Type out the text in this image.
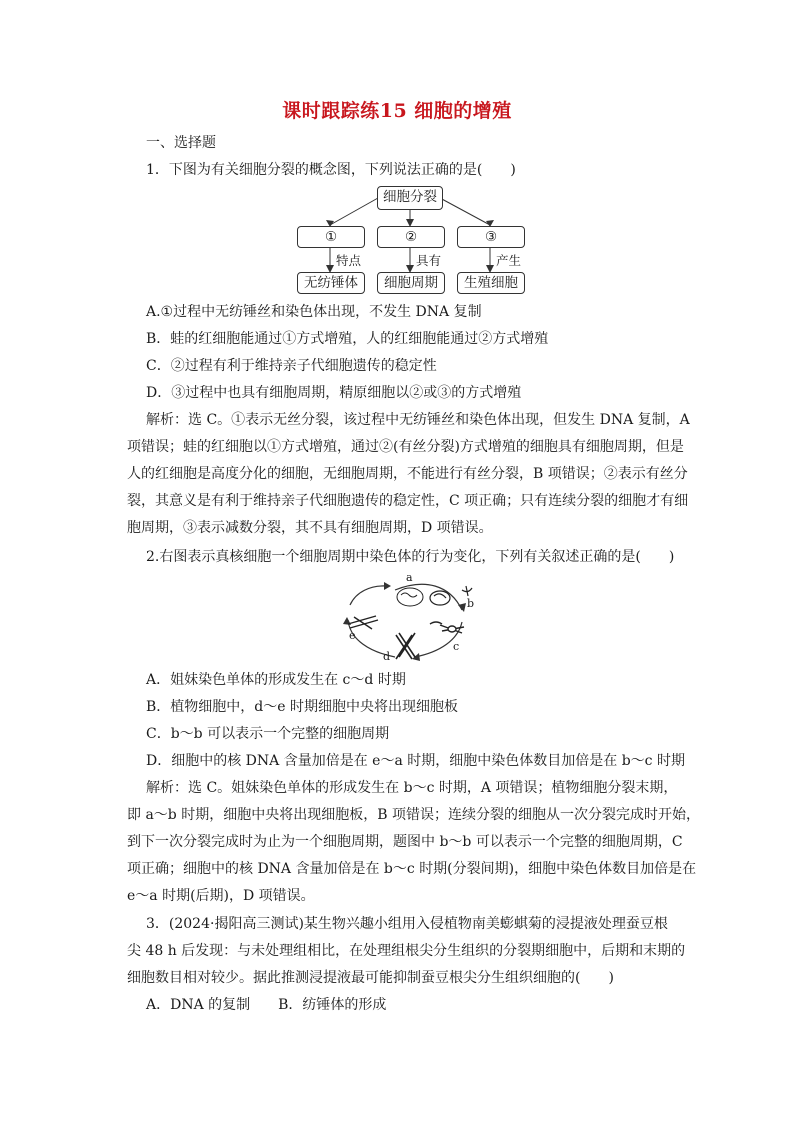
课时跟踪练15 细胞的增殖
一、选择题
1．下图为有关细胞分裂的概念图，下列说法正确的是(　　)
细胞分裂
①	②	③
特点	具有	产生
无纺锤体	细胞周期	生殖细胞
A.①过程中无纺锤丝和染色体出现，不发生 DNA 复制
B．蛙的红细胞能通过①方式增殖，人的红细胞能通过②方式增殖
C．②过程有利于维持亲子代细胞遗传的稳定性
D．③过程中也具有细胞周期，精原细胞以②或③的方式增殖
解析：选 C。①表示无丝分裂，该过程中无纺锤丝和染色体出现，但发生 DNA 复制，A
项错误；蛙的红细胞以①方式增殖，通过②(有丝分裂)方式增殖的细胞具有细胞周期，但是
人的红细胞是高度分化的细胞，无细胞周期，不能进行有丝分裂，B 项错误；②表示有丝分
裂，其意义是有利于维持亲子代细胞遗传的稳定性，C 项正确；只有连续分裂的细胞才有细
胞周期，③表示减数分裂，其不具有细胞周期，D 项错误。
2.右图表示真核细胞一个细胞周期中染色体的行为变化，下列有关叙述正确的是(　　)
a
b
c
d
e
A．姐妹染色单体的形成发生在 c～d 时期
B．植物细胞中，d～e 时期细胞中央将出现细胞板
C．b～b 可以表示一个完整的细胞周期
D．细胞中的核 DNA 含量加倍是在 e～a 时期，细胞中染色体数目加倍是在 b～c 时期
解析：选 C。姐妹染色单体的形成发生在 b～c 时期，A 项错误；植物细胞分裂末期，
即 a～b 时期，细胞中央将出现细胞板，B 项错误；连续分裂的细胞从一次分裂完成时开始，
到下一次分裂完成时为止为一个细胞周期，题图中 b～b 可以表示一个完整的细胞周期，C
项正确；细胞中的核 DNA 含量加倍是在 b～c 时期(分裂间期)，细胞中染色体数目加倍是在
e～a 时期(后期)，D 项错误。
3．(2024·揭阳高三测试)某生物兴趣小组用入侵植物南美蟛蜞菊的浸提液处理蚕豆根
尖 48 h 后发现：与未处理组相比，在处理组根尖分生组织的分裂期细胞中，后期和末期的
细胞数目相对较少。据此推测浸提液最可能抑制蚕豆根尖分生组织细胞的(　　)
A．DNA 的复制　　B．纺锤体的形成
